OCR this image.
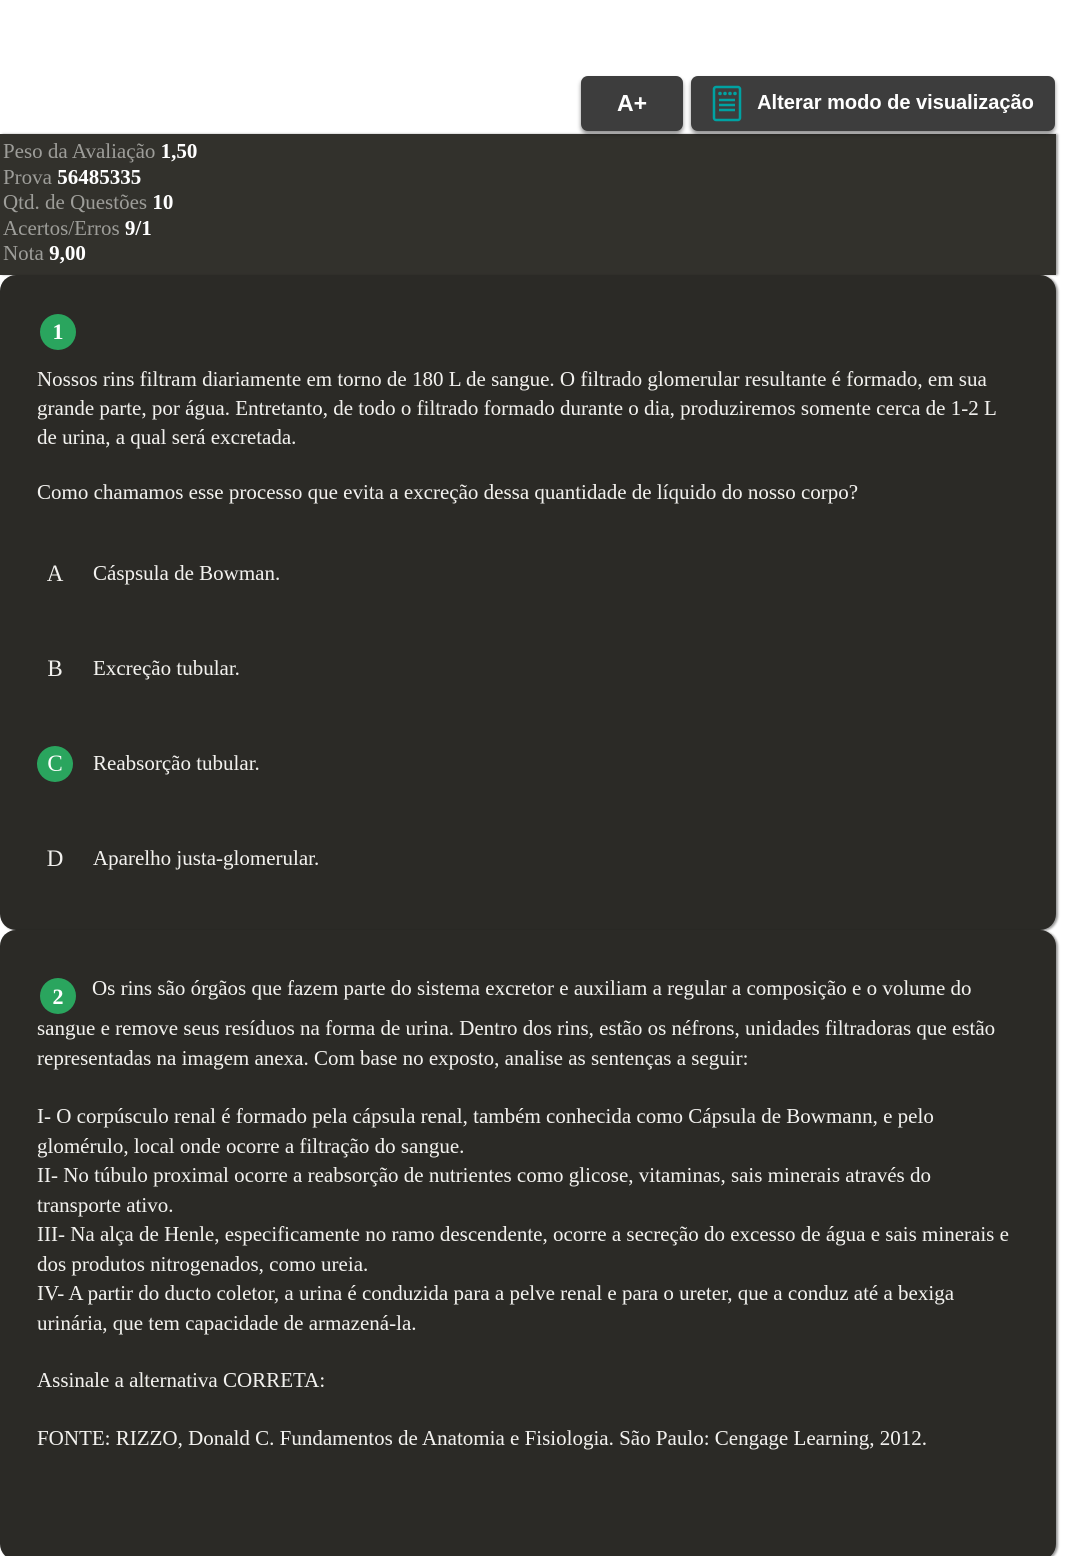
A+	Alterar modo de visualização
Peso da Avaliação 1,50
Prova 56485335
Qtd. de Questões 10
Acertos/Erros 9/1
Nota 9,00
1

Nossos rins filtram diariamente em torno de 180 L de sangue. O filtrado glomerular resultante é formado, em sua grande parte, por água. Entretanto, de todo o filtrado formado durante o dia, produziremos somente cerca de 1-2 L de urina, a qual será excretada.

Como chamamos esse processo que evita a excreção dessa quantidade de líquido do nosso corpo?

A	Cáspsula de Bowman.
B	Excreção tubular.
C	Reabsorção tubular.
D	Aparelho justa-glomerular.

2 Os rins são órgãos que fazem parte do sistema excretor e auxiliam a regular a composição e o volume do sangue e remove seus resíduos na forma de urina. Dentro dos rins, estão os néfrons, unidades filtradoras que estão representadas na imagem anexa. Com base no exposto, analise as sentenças a seguir:

I- O corpúsculo renal é formado pela cápsula renal, também conhecida como Cápsula de Bowmann, e pelo glomérulo, local onde ocorre a filtração do sangue.
II- No túbulo proximal ocorre a reabsorção de nutrientes como glicose, vitaminas, sais minerais através do transporte ativo.
III- Na alça de Henle, especificamente no ramo descendente, ocorre a secreção do excesso de água e sais minerais e dos produtos nitrogenados, como ureia.
IV- A partir do ducto coletor, a urina é conduzida para a pelve renal e para o ureter, que a conduz até a bexiga urinária, que tem capacidade de armazená-la.

Assinale a alternativa CORRETA:

FONTE: RIZZO, Donald C. Fundamentos de Anatomia e Fisiologia. São Paulo: Cengage Learning, 2012.
